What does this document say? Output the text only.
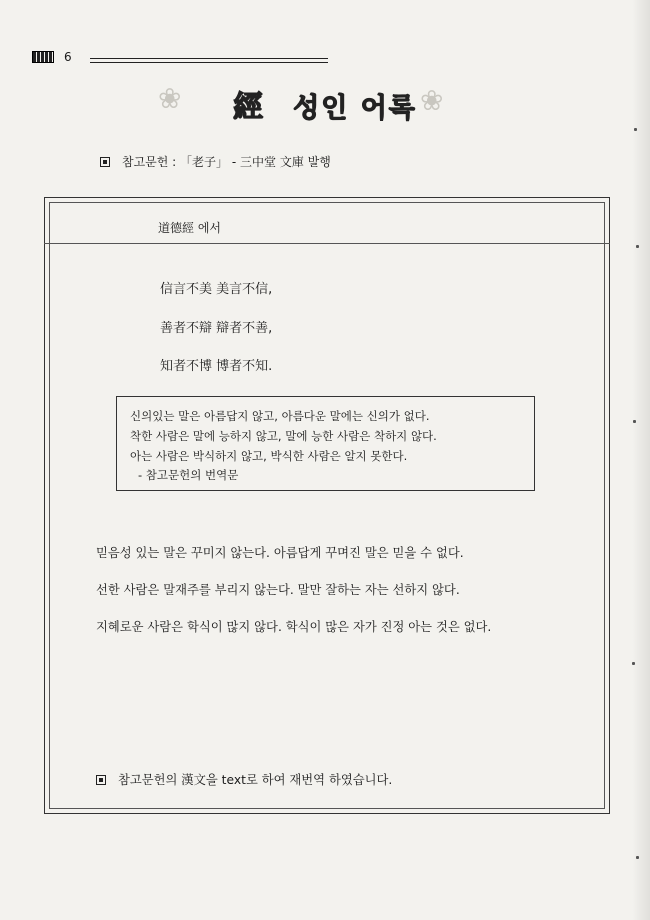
❀	❀
6
經 성인 어록
참고문헌 : 「老子」 - 三中堂 文庫 발행
道德經 에서
信言不美 美言不信,
善者不辯 辯者不善,
知者不博 博者不知.
신의있는 말은 아름답지 않고, 아름다운 말에는 신의가 없다.
착한 사람은 말에 능하지 않고, 말에 능한 사람은 착하지 않다.
아는 사람은 박식하지 않고, 박식한 사람은 알지 못한다.
- 참고문헌의 번역문
믿음성 있는 말은 꾸미지 않는다. 아름답게 꾸며진 말은 믿을 수 없다.
선한 사람은 말재주를 부리지 않는다. 말만 잘하는 자는 선하지 않다.
지혜로운 사람은 학식이 많지 않다. 학식이 많은 자가 진정 아는 것은 없다.
참고문헌의 漢文을 text로 하여 재번역 하였습니다.
